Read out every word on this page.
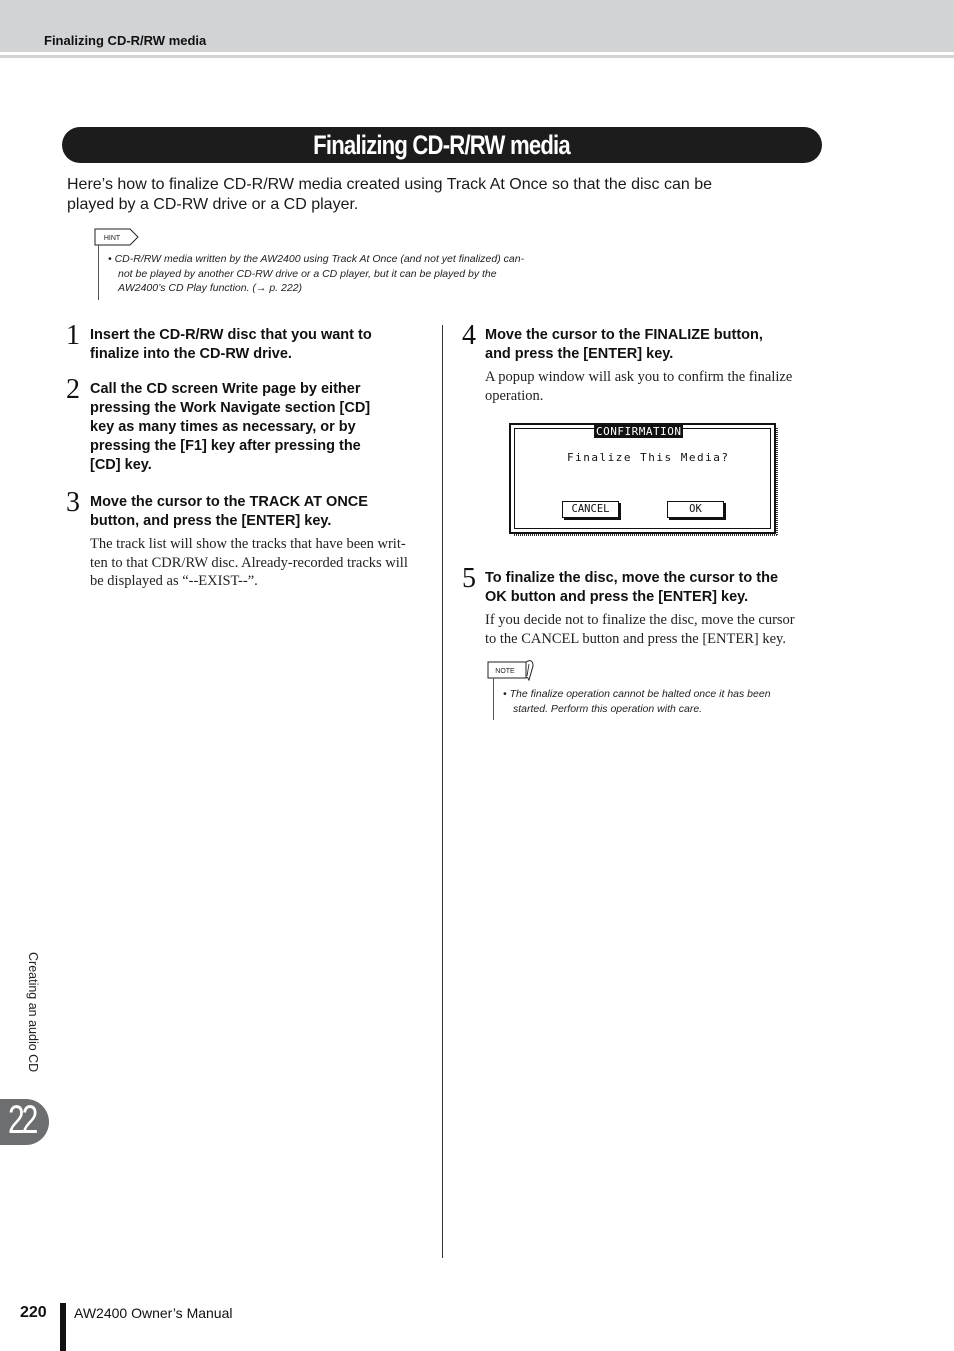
Finalizing CD-R/RW media
Finalizing CD-R/RW media
Here’s how to finalize CD-R/RW media created using Track At Once so that the disc can be
played by a CD-RW drive or a CD player.
HINT
• CD-R/RW media written by the AW2400 using Track At Once (and not yet finalized) can-
not be played by another CD-RW drive or a CD player, but it can be played by the
AW2400’s CD Play function. (→ p. 222)
1 Insert the CD-R/RW disc that you want to
finalize into the CD-RW drive.
2 Call the CD screen Write page by either
pressing the Work Navigate section [CD]
key as many times as necessary, or by
pressing the [F1] key after pressing the
[CD] key.
3 Move the cursor to the TRACK AT ONCE
button, and press the [ENTER] key.
The track list will show the tracks that have been writ-
ten to that CDR/RW disc. Already-recorded tracks will
be displayed as “--EXIST--”.
4 Move the cursor to the FINALIZE button,
and press the [ENTER] key.
A popup window will ask you to confirm the finalize
operation.
CONFIRMATION
Finalize This Media?
CANCEL	OK
5 To finalize the disc, move the cursor to the
OK button and press the [ENTER] key.
If you decide not to finalize the disc, move the cursor
to the CANCEL button and press the [ENTER] key.
NOTE
• The finalize operation cannot be halted once it has been
started. Perform this operation with care.
Creating an audio CD
22
220 AW2400 Owner’s Manual
